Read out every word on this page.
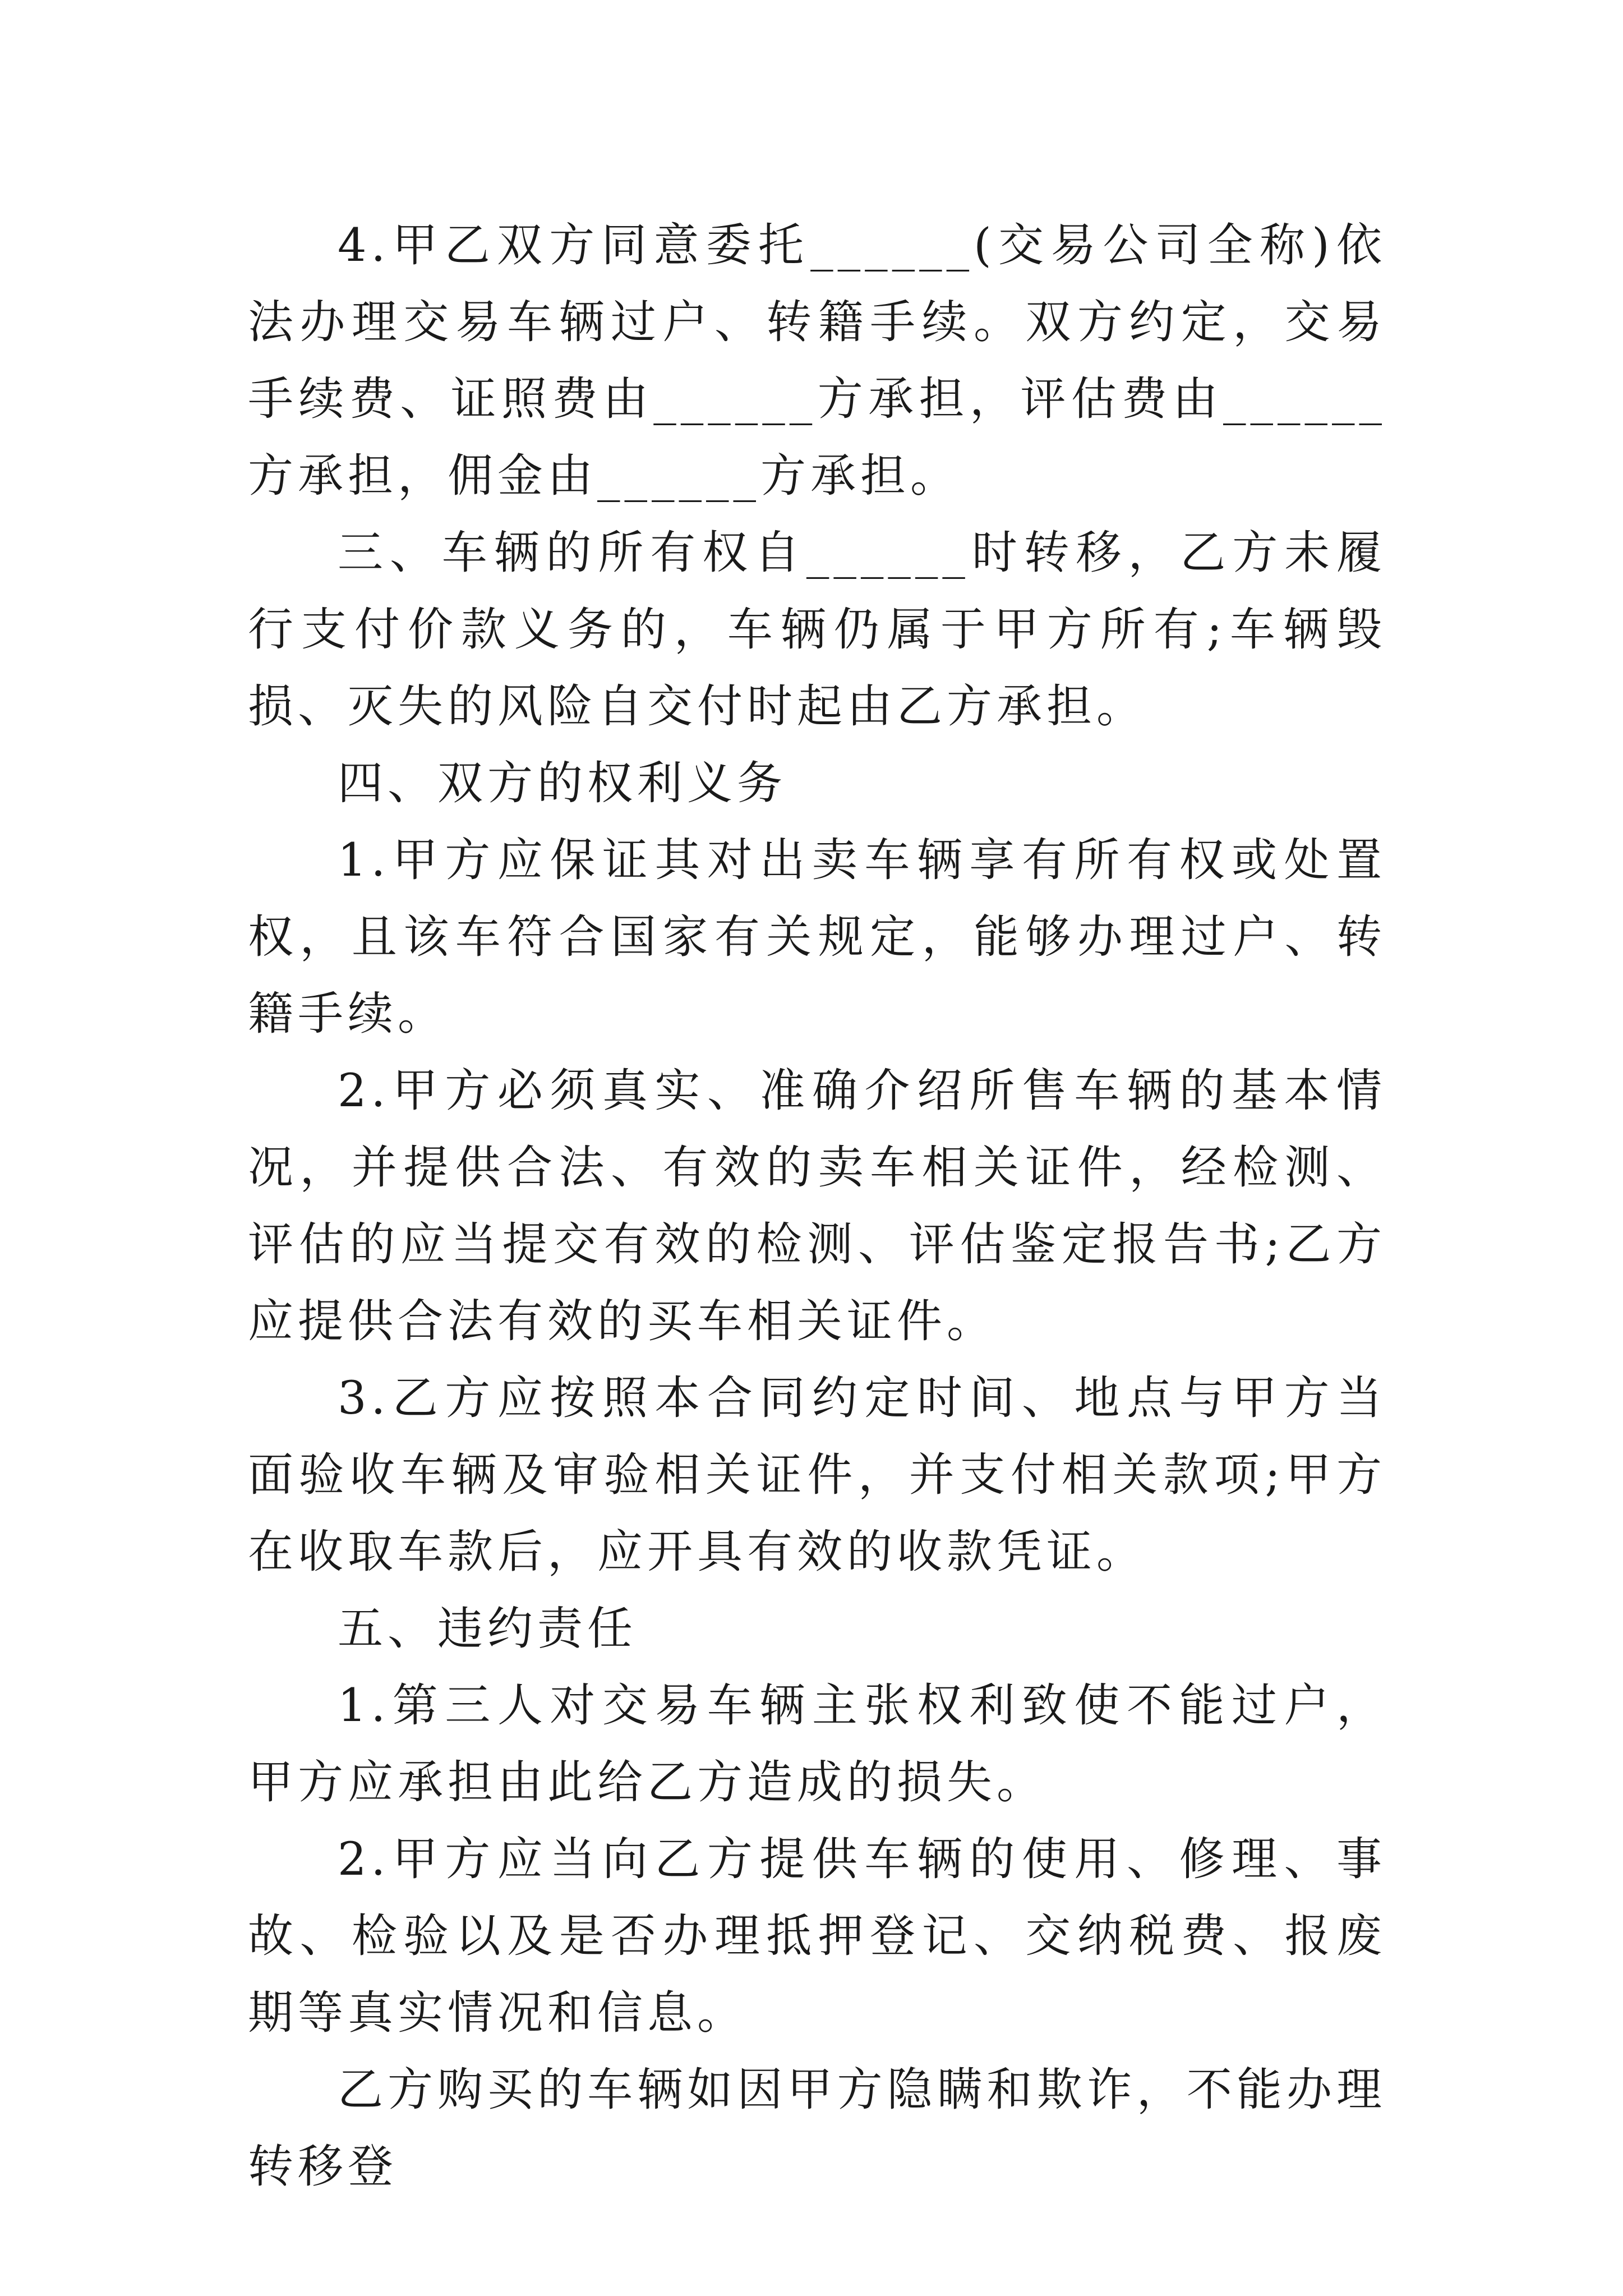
4.甲乙双方同意委托______(交易公司全称)依法办理交易车辆过户、转籍手续。双方约定，交易手续费、证照费由______方承担，评估费由______方承担，佣金由______方承担。

三、车辆的所有权自______时转移，乙方未履行支付价款义务的，车辆仍属于甲方所有;车辆毁损、灭失的风险自交付时起由乙方承担。

四、双方的权利义务

1.甲方应保证其对出卖车辆享有所有权或处置权，且该车符合国家有关规定，能够办理过户、转籍手续。

2.甲方必须真实、准确介绍所售车辆的基本情况，并提供合法、有效的卖车相关证件，经检测、评估的应当提交有效的检测、评估鉴定报告书;乙方应提供合法有效的买车相关证件。

3.乙方应按照本合同约定时间、地点与甲方当面验收车辆及审验相关证件，并支付相关款项;甲方在收取车款后，应开具有效的收款凭证。

五、违约责任

1.第三人对交易车辆主张权利致使不能过户，甲方应承担由此给乙方造成的损失。

2.甲方应当向乙方提供车辆的使用、修理、事故、检验以及是否办理抵押登记、交纳税费、报废期等真实情况和信息。

乙方购买的车辆如因甲方隐瞒和欺诈，不能办理转移登
